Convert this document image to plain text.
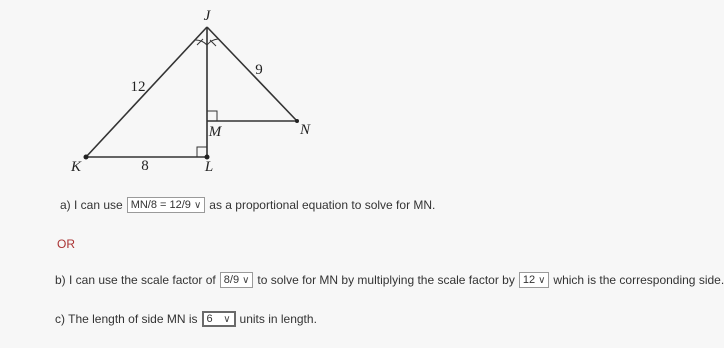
J
K	L
M	N
12
9
8
a) I can use MN/8 = 12/9 ∨ as a proportional equation to solve for MN.
OR
b) I can use the scale factor of 8/9 ∨ to solve for MN by multiplying the scale factor by 12 ∨ which is the corresponding side.
c) The length of side MN is 6 ∨ units in length.
